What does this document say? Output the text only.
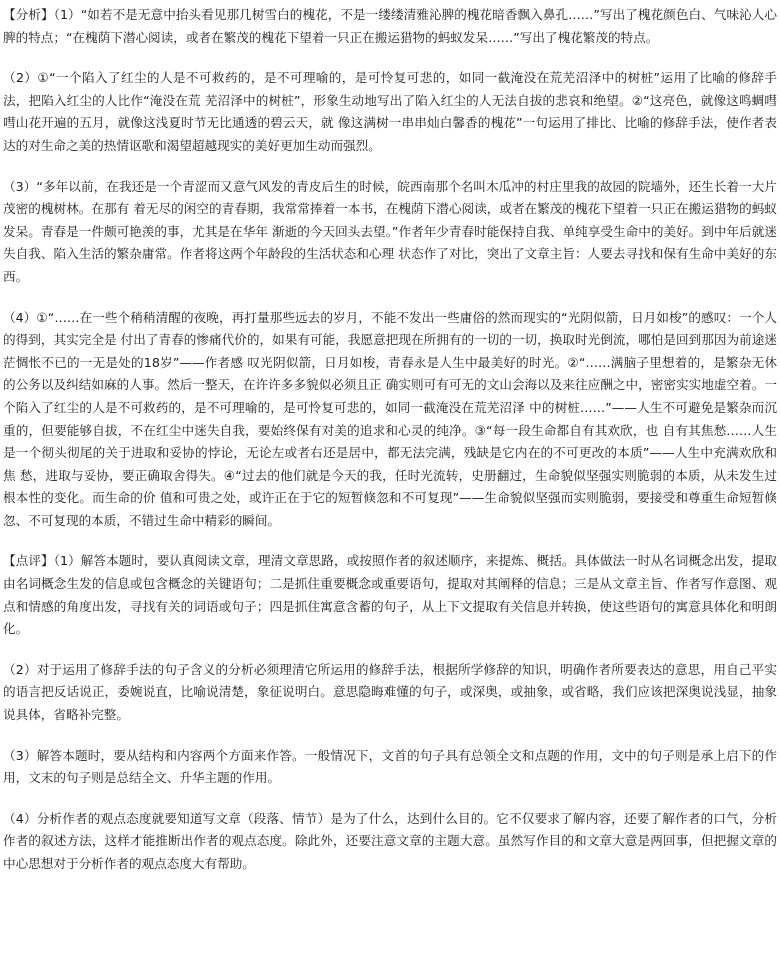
【分析】（1）“如若不是无意中抬头看见那几树雪白的槐花，不是一缕缕清雅沁脾的槐花暗香飘入鼻孔……”写出了槐花颜色白、气味沁人心脾的特点；“在槐荫下潜心阅读，或者在繁茂的槐花下望着一只正在搬运猎物的蚂蚁发呆……”写出了槐花繁茂的特点。

（2）①“一个陷入了红尘的人是不可救药的，是不可理喻的，是可怜复可悲的，如同一截淹没在荒芜沼泽中的树桩”运用了比喻的修辞手法，把陷入红尘的人比作“淹没在荒 芜沼泽中的树桩”，形象生动地写出了陷入红尘的人无法自拔的悲哀和绝望。②“这亮色，就像这鸣蜩嘒嘒山花开遍的五月，就像这浅夏时节无比通透的碧云天，就 像这满树一串串灿白馨香的槐花”一句运用了排比、比喻的修辞手法，使作者表达的对生命之美的热情讴歌和渴望超越现实的美好更加生动而强烈。

（3）“多年以前，在我还是一个青涩而又意气风发的青皮后生的时候，皖西南那个名叫木瓜冲的村庄里我的故园的院墙外，还生长着一大片茂密的槐树林。在那有 着无尽的闲空的青春期，我常常捧着一本书，在槐荫下潜心阅读，或者在繁茂的槐花下望着一只正在搬运猎物的蚂蚁发呆。青春是一件颇可艳羡的事，尤其是在华年 渐逝的今天回头去望。”作者年少青春时能保持自我、单纯享受生命中的美好。到中年后就迷失自我、陷入生活的繁杂庸常。作者将这两个年龄段的生活状态和心理 状态作了对比，突出了文章主旨：人要去寻找和保有生命中美好的东西。

（4）①“……在一些个稍稍清醒的夜晚，再打量那些远去的岁月，不能不发出一些庸俗的然而现实的“光阴似箭，日月如梭”的感叹：一个人的得到，其实完全是 付出了青春的惨痛代价的，如果有可能，我愿意把现在所拥有的一切的一切，换取时光倒流，哪怕是回到那因为前途迷茫惆怅不已的一无是处的18岁”——作者感 叹光阴似箭，日月如梭，青春永是人生中最美好的时光。②“……满脑子里想着的，是繁杂无休的公务以及纠结如麻的人事。然后一整天，在许许多多貌似必须且正 确实则可有可无的文山会海以及来往应酬之中，密密实实地虚空着。一个陷入了红尘的人是不可救药的，是不可理喻的，是可怜复可悲的，如同一截淹没在荒芜沼泽 中的树桩……”——人生不可避免是繁杂而沉重的，但要能够自拔，不在红尘中迷失自我，要始终保有对美的追求和心灵的纯净。③“每一段生命都自有其欢欣，也 自有其焦愁……人生是一个彻头彻尾的关于进取和妥协的悖论，无论左或者右还是居中，都无法完满，残缺是它内在的不可更改的本质”——人生中充满欢欣和焦 愁，进取与妥协，要正确取舍得失。④“过去的他们就是今天的我，任时光流转，史册翻过，生命貌似坚强实则脆弱的本质，从未发生过根本性的变化。而生命的价 值和可贵之处，或许正在于它的短暂倏忽和不可复现”——生命貌似坚强而实则脆弱，要接受和尊重生命短暂倏忽、不可复现的本质，不错过生命中精彩的瞬间。

【点评】（1）解答本题时，要认真阅读文章，理清文章思路，或按照作者的叙述顺序，来提炼、概括。具体做法一时从名词概念出发，提取由名词概念生发的信息或包含概念的关键语句；二是抓住重要概念或重要语句，提取对其阐释的信息；三是从文章主旨、作者写作意图、观点和情感的角度出发，寻找有关的词语或句子；四是抓住寓意含蓄的句子，从上下文提取有关信息并转换，使这些语句的寓意具体化和明朗化。

（2）对于运用了修辞手法的句子含义的分析必须理清它所运用的修辞手法，根据所学修辞的知识，明确作者所要表达的意思，用自己平实的语言把反话说正，委婉说直，比喻说清楚，象征说明白。意思隐晦难懂的句子，或深奥，或抽象，或省略，我们应该把深奥说浅显，抽象说具体，省略补完整。

（3）解答本题时，要从结构和内容两个方面来作答。一般情况下，文首的句子具有总领全文和点题的作用，文中的句子则是承上启下的作用，文末的句子则是总结全文、升华主题的作用。

（4）分析作者的观点态度就要知道写文章（段落、情节）是为了什么，达到什么目的。它不仅要求了解内容，还要了解作者的口气，分析作者的叙述方法，这样才能推断出作者的观点态度。除此外，还要注意文章的主题大意。虽然写作目的和文章大意是两回事，但把握文章的中心思想对于分析作者的观点态度大有帮助。
